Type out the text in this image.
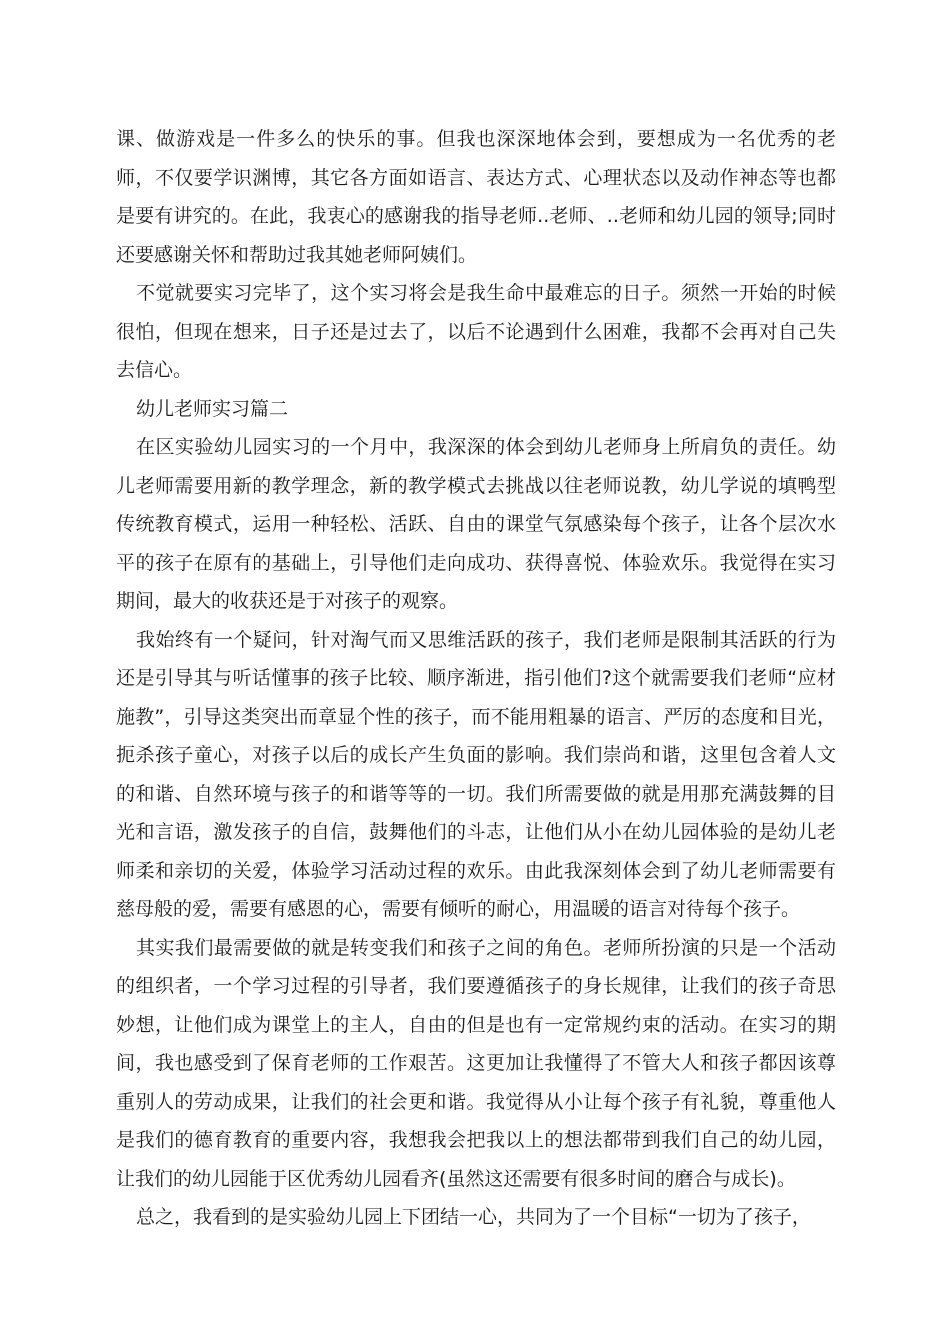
课、做游戏是一件多么的快乐的事。但我也深深地体会到，要想成为一名优秀的老师，不仅要学识渊博，其它各方面如语言、表达方式、心理状态以及动作神态等也都是要有讲究的。在此，我衷心的感谢我的指导老师..老师、..老师和幼儿园的领导;同时还要感谢关怀和帮助过我其她老师阿姨们。

不觉就要实习完毕了，这个实习将会是我生命中最难忘的日子。须然一开始的时候很怕，但现在想来，日子还是过去了，以后不论遇到什么困难，我都不会再对自己失去信心。

幼儿老师实习篇二

在区实验幼儿园实习的一个月中，我深深的体会到幼儿老师身上所肩负的责任。幼儿老师需要用新的教学理念，新的教学模式去挑战以往老师说教，幼儿学说的填鸭型传统教育模式，运用一种轻松、活跃、自由的课堂气氛感染每个孩子，让各个层次水平的孩子在原有的基础上，引导他们走向成功、获得喜悦、体验欢乐。我觉得在实习期间，最大的收获还是于对孩子的观察。

我始终有一个疑问，针对淘气而又思维活跃的孩子，我们老师是限制其活跃的行为还是引导其与听话懂事的孩子比较、顺序渐进，指引他们?这个就需要我们老师“应材施教”，引导这类突出而章显个性的孩子，而不能用粗暴的语言、严厉的态度和目光，扼杀孩子童心，对孩子以后的成长产生负面的影响。我们崇尚和谐，这里包含着人文的和谐、自然环境与孩子的和谐等等的一切。我们所需要做的就是用那充满鼓舞的目光和言语，激发孩子的自信，鼓舞他们的斗志，让他们从小在幼儿园体验的是幼儿老师柔和亲切的关爱，体验学习活动过程的欢乐。由此我深刻体会到了幼儿老师需要有慈母般的爱，需要有感恩的心，需要有倾听的耐心，用温暖的语言对待每个孩子。

其实我们最需要做的就是转变我们和孩子之间的角色。老师所扮演的只是一个活动的组织者，一个学习过程的引导者，我们要遵循孩子的身长规律，让我们的孩子奇思妙想，让他们成为课堂上的主人，自由的但是也有一定常规约束的活动。在实习的期间，我也感受到了保育老师的工作艰苦。这更加让我懂得了不管大人和孩子都因该尊重别人的劳动成果，让我们的社会更和谐。我觉得从小让每个孩子有礼貌，尊重他人是我们的德育教育的重要内容，我想我会把我以上的想法都带到我们自己的幼儿园，让我们的幼儿园能于区优秀幼儿园看齐(虽然这还需要有很多时间的磨合与成长)。

总之，我看到的是实验幼儿园上下团结一心，共同为了一个目标“一切为了孩子，
